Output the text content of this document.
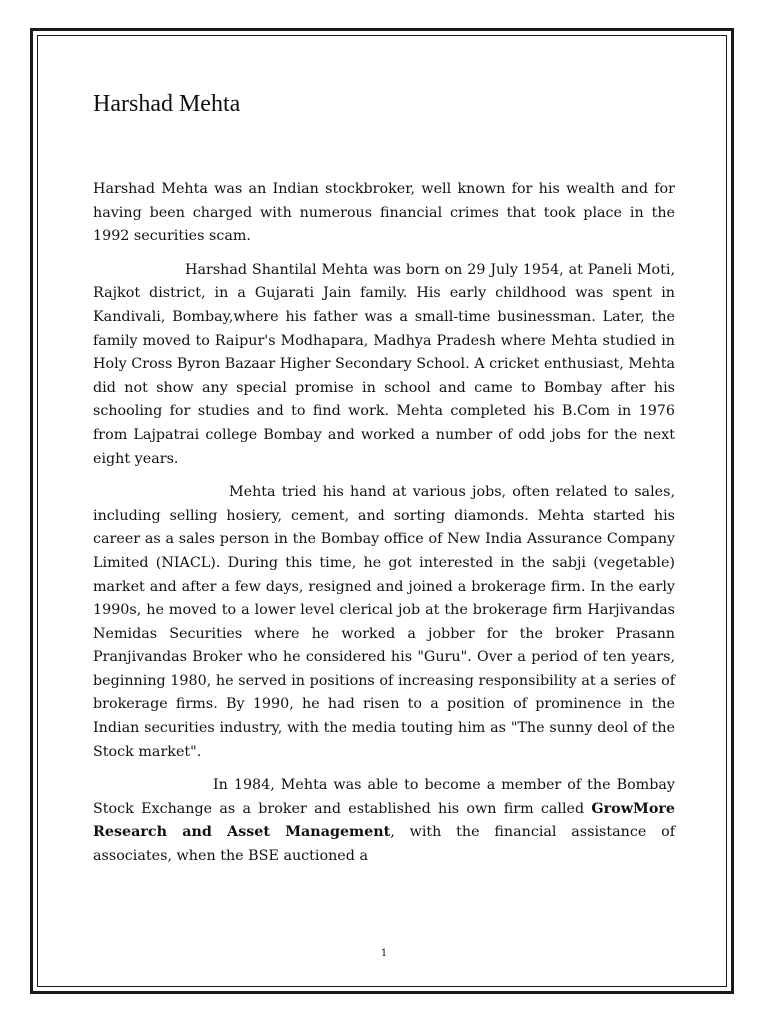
Harshad Mehta

Harshad Mehta was an Indian stockbroker, well known for his wealth and for having been charged with numerous financial crimes that took place in the 1992 securities scam.

Harshad Shantilal Mehta was born on 29 July 1954, at Paneli Moti, Rajkot district, in a Gujarati Jain family. His early childhood was spent in Kandivali, Bombay,where his father was a small-time businessman. Later, the family moved to Raipur's Modhapara, Madhya Pradesh where Mehta studied in Holy Cross Byron Bazaar Higher Secondary School. A cricket enthusiast, Mehta did not show any special promise in school and came to Bombay after his schooling for studies and to find work. Mehta completed his B.Com in 1976 from Lajpatrai college Bombay and worked a number of odd jobs for the next eight years.

Mehta tried his hand at various jobs, often related to sales, including selling hosiery, cement, and sorting diamonds. Mehta started his career as a sales person in the Bombay office of New India Assurance Company Limited (NIACL). During this time, he got interested in the sabji (vegetable) market and after a few days, resigned and joined a brokerage firm. In the early 1990s, he moved to a lower level clerical job at the brokerage firm Harjivandas Nemidas Securities where he worked a jobber for the broker Prasann Pranjivandas Broker who he considered his "Guru". Over a period of ten years, beginning 1980, he served in positions of increasing responsibility at a series of brokerage firms. By 1990, he had risen to a position of prominence in the Indian securities industry, with the media touting him as "The sunny deol of the Stock market".

In 1984, Mehta was able to become a member of the Bombay Stock Exchange as a broker and established his own firm called GrowMore Research and Asset Management, with the financial assistance of associates, when the BSE auctioned a

1
